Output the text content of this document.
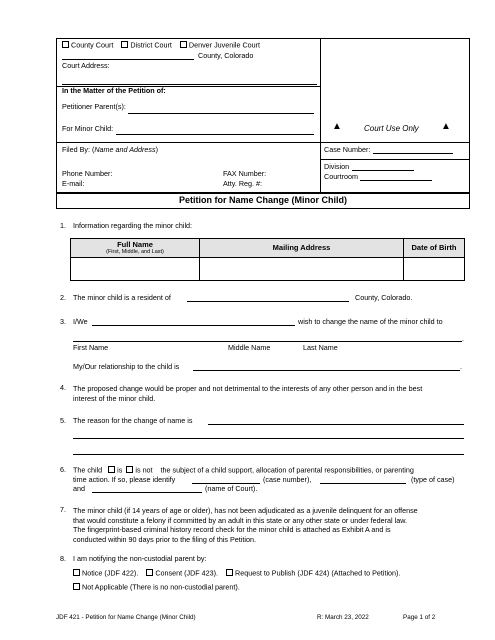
County Court District Court Denver Juvenile Court
County, Colorado
Court Address:
In the Matter of the Petition of:
Petitioner Parent(s):
For Minor Child:	▲	Court Use Only ▲
Filed By: (Name and Address)
Phone Number:
E-mail:
FAX Number:
Atty. Reg. #:
Case Number:
Division
Courtroom
Petition for Name Change (Minor Child)
1. Information regarding the minor child:
Full Name
(First, Middle, and Last)	Mailing Address	Date of Birth
2. The minor child is a resident of	County, Colorado.
3. I/We	wish to change the name of the minor child to
.
First Name	Middle Name	Last Name
My/Our relationship to the child is	.
4. The proposed change would be proper and not detrimental to the interests of any other person and in the best
interest of the minor child.
5. The reason for the change of name is
6. The child is is not the subject of a child support, allocation of parental responsibilities, or parenting
time action. If so, please identify	(case number),	(type of case)
and	(name of Court).
7. The minor child (if 14 years of age or older), has not been adjudicated as a juvenile delinquent for an offense
that would constitute a felony if committed by an adult in this state or any other state or under federal law.
The fingerprint-based criminal history record check for the minor child is attached as Exhibit A and is
conducted within 90 days prior to the filing of this Petition.
8. I am notifying the non-custodial parent by:
Notice (JDF 422). Consent (JDF 423). Request to Publish (JDF 424) (Attached to Petition).
Not Applicable (There is no non-custodial parent).
JDF 421 - Petition for Name Change (Minor Child)	R: March 23, 2022	Page 1 of 2
